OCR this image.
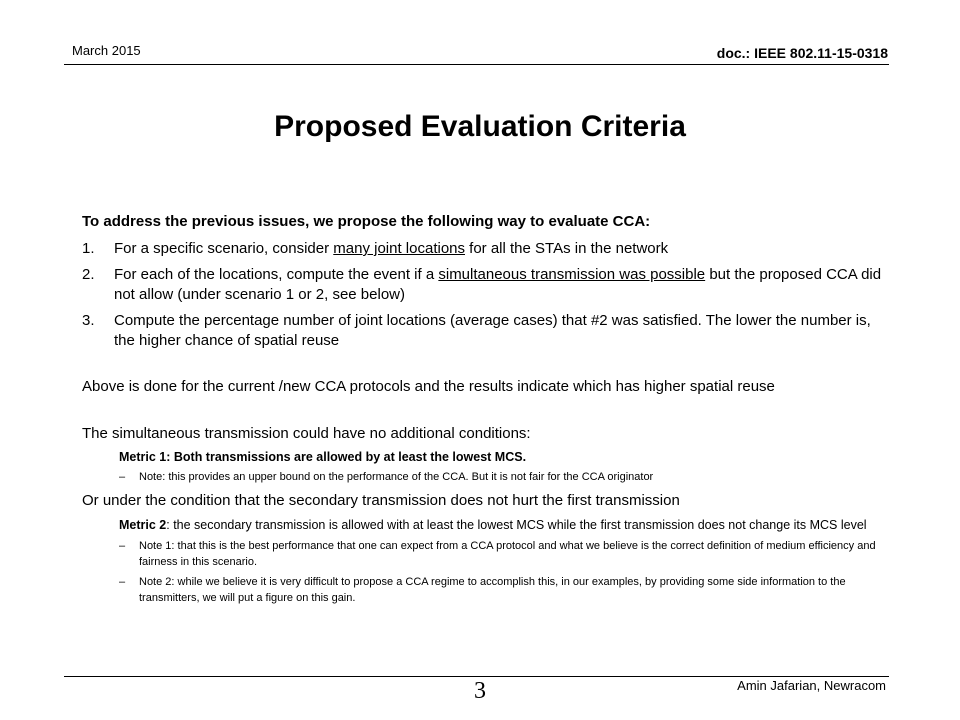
March 2015	doc.: IEEE 802.11-15-0318
Proposed Evaluation Criteria
To address the previous issues, we propose the following way to evaluate CCA:
1.	For a specific scenario, consider many joint locations for all the STAs in the network
2.	For each of the locations, compute the event if a simultaneous transmission was possible but the proposed CCA did not allow (under scenario 1 or 2, see below)
3.	Compute the percentage number of joint locations (average cases) that #2 was satisfied. The lower the number is, the higher chance of spatial reuse
Above is done for the current /new CCA protocols and the results indicate which has higher spatial reuse
The simultaneous transmission could have no additional conditions:
Metric 1: Both transmissions are allowed by at least the lowest MCS.
–	Note: this provides an upper bound on the performance of the CCA. But it is not fair for the CCA originator
Or under the condition that the secondary transmission does not hurt the first transmission
Metric 2: the secondary transmission is allowed with at least the lowest MCS while the first transmission does not change its MCS level
–	Note 1: that this is the best performance that one can expect from a CCA protocol and what we believe is the correct definition of medium efficiency and fairness in this scenario.
–	Note 2: while we believe it is very difficult to propose a CCA regime to accomplish this, in our examples, by providing some side information to the transmitters, we will put a figure on this gain.
3	Amin Jafarian, Newracom
